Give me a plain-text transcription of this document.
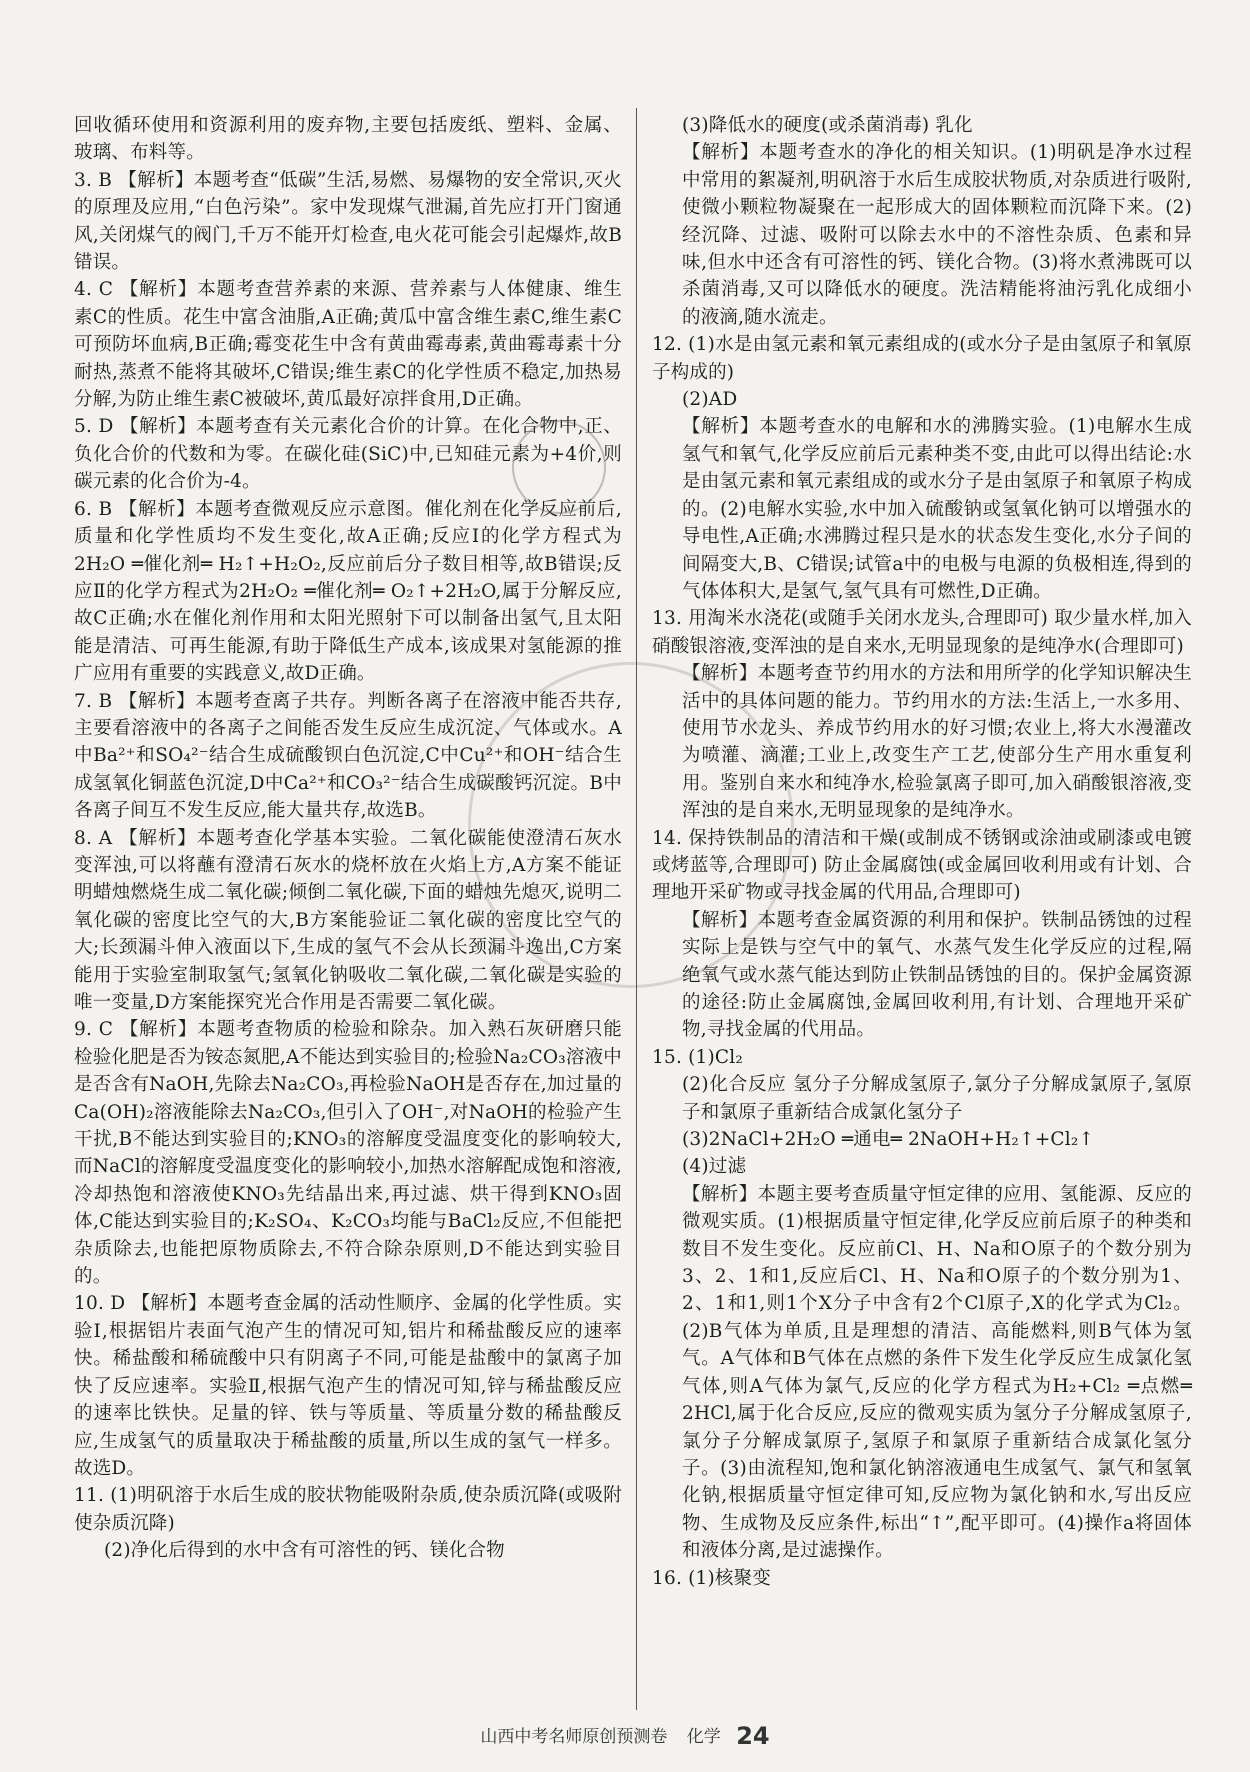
回收循环使用和资源利用的废弃物,主要包括废纸、塑料、金属、玻璃、布料等。

3. B 【解析】本题考查“低碳”生活,易燃、易爆物的安全常识,灭火的原理及应用,“白色污染”。家中发现煤气泄漏,首先应打开门窗通风,关闭煤气的阀门,千万不能开灯检查,电火花可能会引起爆炸,故B错误。

4. C 【解析】本题考查营养素的来源、营养素与人体健康、维生素C的性质。花生中富含油脂,A正确;黄瓜中富含维生素C,维生素C可预防坏血病,B正确;霉变花生中含有黄曲霉毒素,黄曲霉毒素十分耐热,蒸煮不能将其破坏,C错误;维生素C的化学性质不稳定,加热易分解,为防止维生素C被破坏,黄瓜最好凉拌食用,D正确。

5. D 【解析】本题考查有关元素化合价的计算。在化合物中,正、负化合价的代数和为零。在碳化硅(SiC)中,已知硅元素为+4价,则碳元素的化合价为-4。

6. B 【解析】本题考查微观反应示意图。催化剂在化学反应前后,质量和化学性质均不发生变化,故A正确;反应Ⅰ的化学方程式为2H₂O ═催化剂═ H₂↑+H₂O₂,反应前后分子数目相等,故B错误;反应Ⅱ的化学方程式为2H₂O₂ ═催化剂═ O₂↑+2H₂O,属于分解反应,故C正确;水在催化剂作用和太阳光照射下可以制备出氢气,且太阳能是清洁、可再生能源,有助于降低生产成本,该成果对氢能源的推广应用有重要的实践意义,故D正确。

7. B 【解析】本题考查离子共存。判断各离子在溶液中能否共存,主要看溶液中的各离子之间能否发生反应生成沉淀、气体或水。A中Ba²⁺和SO₄²⁻结合生成硫酸钡白色沉淀,C中Cu²⁺和OH⁻结合生成氢氧化铜蓝色沉淀,D中Ca²⁺和CO₃²⁻结合生成碳酸钙沉淀。B中各离子间互不发生反应,能大量共存,故选B。

8. A 【解析】本题考查化学基本实验。二氧化碳能使澄清石灰水变浑浊,可以将蘸有澄清石灰水的烧杯放在火焰上方,A方案不能证明蜡烛燃烧生成二氧化碳;倾倒二氧化碳,下面的蜡烛先熄灭,说明二氧化碳的密度比空气的大,B方案能验证二氧化碳的密度比空气的大;长颈漏斗伸入液面以下,生成的氢气不会从长颈漏斗逸出,C方案能用于实验室制取氢气;氢氧化钠吸收二氧化碳,二氧化碳是实验的唯一变量,D方案能探究光合作用是否需要二氧化碳。

9. C 【解析】本题考查物质的检验和除杂。加入熟石灰研磨只能检验化肥是否为铵态氮肥,A不能达到实验目的;检验Na₂CO₃溶液中是否含有NaOH,先除去Na₂CO₃,再检验NaOH是否存在,加过量的Ca(OH)₂溶液能除去Na₂CO₃,但引入了OH⁻,对NaOH的检验产生干扰,B不能达到实验目的;KNO₃的溶解度受温度变化的影响较大,而NaCl的溶解度受温度变化的影响较小,加热水溶解配成饱和溶液,冷却热饱和溶液使KNO₃先结晶出来,再过滤、烘干得到KNO₃固体,C能达到实验目的;K₂SO₄、K₂CO₃均能与BaCl₂反应,不但能把杂质除去,也能把原物质除去,不符合除杂原则,D不能达到实验目的。

10. D 【解析】本题考查金属的活动性顺序、金属的化学性质。实验Ⅰ,根据铝片表面气泡产生的情况可知,铝片和稀盐酸反应的速率快。稀盐酸和稀硫酸中只有阴离子不同,可能是盐酸中的氯离子加快了反应速率。实验Ⅱ,根据气泡产生的情况可知,锌与稀盐酸反应的速率比铁快。足量的锌、铁与等质量、等质量分数的稀盐酸反应,生成氢气的质量取决于稀盐酸的质量,所以生成的氢气一样多。故选D。

11. (1)明矾溶于水后生成的胶状物能吸附杂质,使杂质沉降(或吸附使杂质沉降)

(2)净化后得到的水中含有可溶性的钙、镁化合物

(3)降低水的硬度(或杀菌消毒) 乳化

【解析】本题考查水的净化的相关知识。(1)明矾是净水过程中常用的絮凝剂,明矾溶于水后生成胶状物质,对杂质进行吸附,使微小颗粒物凝聚在一起形成大的固体颗粒而沉降下来。(2)经沉降、过滤、吸附可以除去水中的不溶性杂质、色素和异味,但水中还含有可溶性的钙、镁化合物。(3)将水煮沸既可以杀菌消毒,又可以降低水的硬度。洗洁精能将油污乳化成细小的液滴,随水流走。

12. (1)水是由氢元素和氧元素组成的(或水分子是由氢原子和氧原子构成的)

(2)AD

【解析】本题考查水的电解和水的沸腾实验。(1)电解水生成氢气和氧气,化学反应前后元素种类不变,由此可以得出结论:水是由氢元素和氧元素组成的或水分子是由氢原子和氧原子构成的。(2)电解水实验,水中加入硫酸钠或氢氧化钠可以增强水的导电性,A正确;水沸腾过程只是水的状态发生变化,水分子间的间隔变大,B、C错误;试管a中的电极与电源的负极相连,得到的气体体积大,是氢气,氢气具有可燃性,D正确。

13. 用淘米水浇花(或随手关闭水龙头,合理即可) 取少量水样,加入硝酸银溶液,变浑浊的是自来水,无明显现象的是纯净水(合理即可)

【解析】本题考查节约用水的方法和用所学的化学知识解决生活中的具体问题的能力。节约用水的方法:生活上,一水多用、使用节水龙头、养成节约用水的好习惯;农业上,将大水漫灌改为喷灌、滴灌;工业上,改变生产工艺,使部分生产用水重复利用。鉴别自来水和纯净水,检验氯离子即可,加入硝酸银溶液,变浑浊的是自来水,无明显现象的是纯净水。

14. 保持铁制品的清洁和干燥(或制成不锈钢或涂油或刷漆或电镀或烤蓝等,合理即可) 防止金属腐蚀(或金属回收利用或有计划、合理地开采矿物或寻找金属的代用品,合理即可)

【解析】本题考查金属资源的利用和保护。铁制品锈蚀的过程实际上是铁与空气中的氧气、水蒸气发生化学反应的过程,隔绝氧气或水蒸气能达到防止铁制品锈蚀的目的。保护金属资源的途径:防止金属腐蚀,金属回收利用,有计划、合理地开采矿物,寻找金属的代用品。

15. (1)Cl₂

(2)化合反应 氢分子分解成氢原子,氯分子分解成氯原子,氢原子和氯原子重新结合成氯化氢分子

(3)2NaCl+2H₂O ═通电═ 2NaOH+H₂↑+Cl₂↑

(4)过滤

【解析】本题主要考查质量守恒定律的应用、氢能源、反应的微观实质。(1)根据质量守恒定律,化学反应前后原子的种类和数目不发生变化。反应前Cl、H、Na和O原子的个数分别为3、2、1和1,反应后Cl、H、Na和O原子的个数分别为1、2、1和1,则1个X分子中含有2个Cl原子,X的化学式为Cl₂。(2)B气体为单质,且是理想的清洁、高能燃料,则B气体为氢气。A气体和B气体在点燃的条件下发生化学反应生成氯化氢气体,则A气体为氯气,反应的化学方程式为H₂+Cl₂ ═点燃═ 2HCl,属于化合反应,反应的微观实质为氢分子分解成氢原子,氯分子分解成氯原子,氢原子和氯原子重新结合成氯化氢分子。(3)由流程知,饱和氯化钠溶液通电生成氢气、氯气和氢氧化钠,根据质量守恒定律可知,反应物为氯化钠和水,写出反应物、生成物及反应条件,标出“↑”,配平即可。(4)操作a将固体和液体分离,是过滤操作。

16. (1)核聚变

山西中考名师原创预测卷 化学 24
